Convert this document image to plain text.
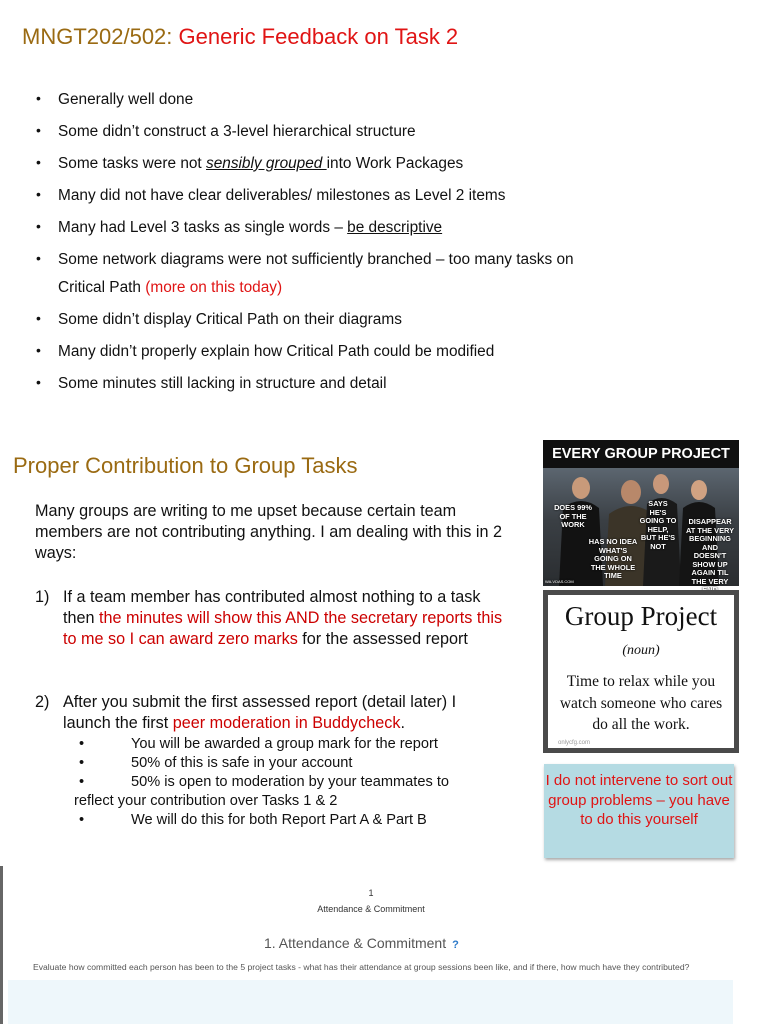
MNGT202/502: Generic Feedback on Task 2
• Generally well done
• Some didn’t construct a 3-level hierarchical structure
• Some tasks were not sensibly grouped into Work Packages
• Many did not have clear deliverables/ milestones as Level 2 items
• Many had Level 3 tasks as single words – be descriptive
• Some network diagrams were not sufficiently branched – too many tasks on
Critical Path (more on this today)
• Some didn’t display Critical Path on their diagrams
• Many didn’t properly explain how Critical Path could be modified
• Some minutes still lacking in structure and detail
Proper Contribution to Group Tasks
Many groups are writing to me upset because certain team members are not contributing anything. I am dealing with this in 2 ways:
1) If a team member has contributed almost nothing to a task then the minutes will show this AND the secretary reports this to me so I can award zero marks for the assessed report
2) After you submit the first assessed report (detail later) I launch the first peer moderation in Buddycheck.
•	You will be awarded a group mark for the report
•	50% of this is safe in your account
•	50% is open to moderation by your teammates to
reflect your contribution over Tasks 1 & 2
•	We will do this for both Report Part A & Part B
EVERY GROUP PROJECT
DOES 99% OF THE WORK
SAYS HE'S GOING TO HELP, BUT HE'S NOT
HAS NO IDEA WHAT'S GOING ON THE WHOLE TIME
DISAPPEAR AT THE VERY BEGINNING AND DOESN'T SHOW UP AGAIN TIL THE VERY
WA.VDAS.COM
Group Project
(noun)
Time to relax while you watch someone who cares do all the work.
onlycfg.com
I do not intervene to sort out group problems – you have to do this yourself
1
Attendance & Commitment
1. Attendance & Commitment ?
Evaluate how committed each person has been to the 5 project tasks - what has their attendance at group sessions been like, and if there, how much have they contributed?
